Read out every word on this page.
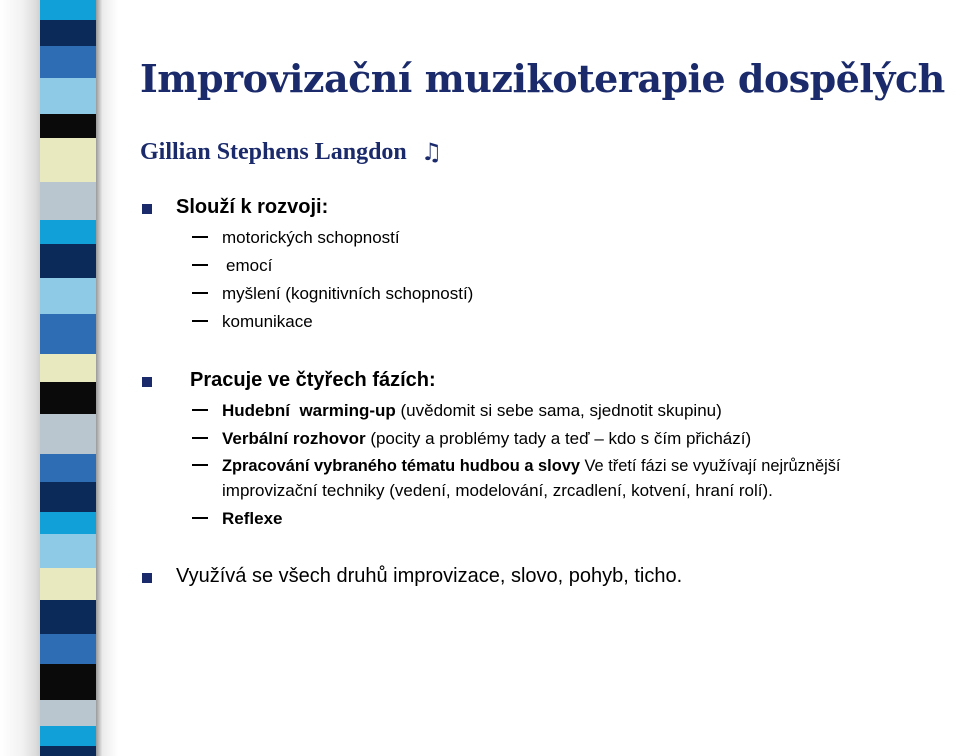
Improvizační muzikoterapie dospělých
Gillian Stephens Langdon ♫
Slouží k rozvoji:
motorických schopností
emocí
myšlení (kognitivních schopností)
komunikace
Pracuje ve čtyřech fázích:
Hudební  warming-up (uvědomit si sebe sama, sjednotit skupinu)
Verbální rozhovor (pocity a problémy tady a teď – kdo s čím přichází)
Zpracování vybraného tématu hudbou a slovy Ve třetí fázi se využívají nejrůznější
improvizační techniky (vedení, modelování, zrcadlení, kotvení, hraní rolí).
Reflexe
Využívá se všech druhů improvizace, slovo, pohyb, ticho.
